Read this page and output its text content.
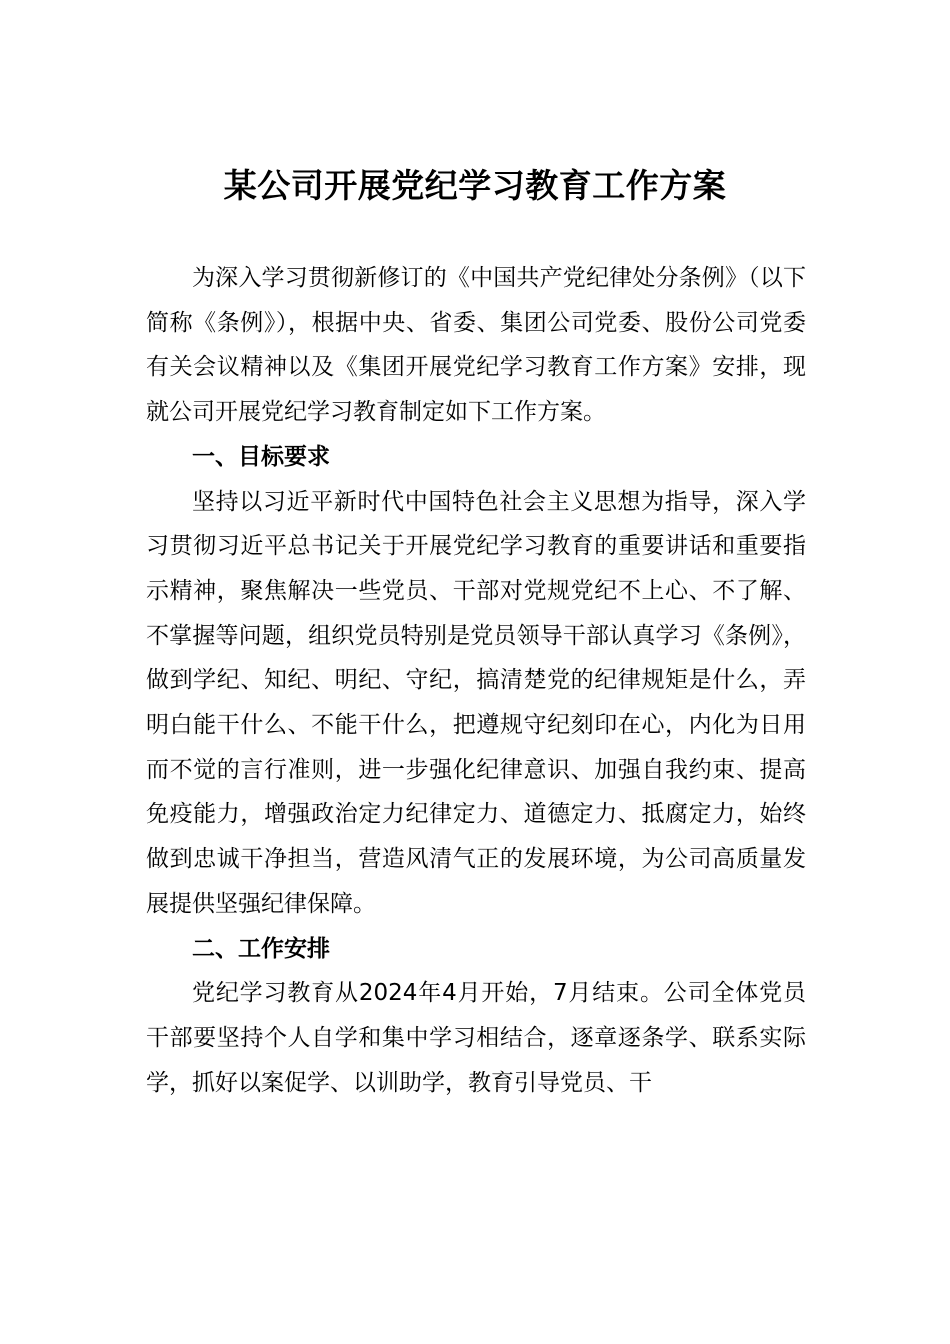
某公司开展党纪学习教育工作方案

为深入学习贯彻新修订的《中国共产党纪律处分条例》（以下简称《条例》），根据中央、省委、集团公司党委、股份公司党委有关会议精神以及《集团开展党纪学习教育工作方案》安排，现就公司开展党纪学习教育制定如下工作方案。

一、目标要求

坚持以习近平新时代中国特色社会主义思想为指导，深入学习贯彻习近平总书记关于开展党纪学习教育的重要讲话和重要指示精神，聚焦解决一些党员、干部对党规党纪不上心、不了解、不掌握等问题，组织党员特别是党员领导干部认真学习《条例》，做到学纪、知纪、明纪、守纪，搞清楚党的纪律规矩是什么，弄明白能干什么、不能干什么，把遵规守纪刻印在心，内化为日用而不觉的言行准则，进一步强化纪律意识、加强自我约束、提高免疫能力，增强政治定力纪律定力、道德定力、抵腐定力，始终做到忠诚干净担当，营造风清气正的发展环境，为公司高质量发展提供坚强纪律保障。

二、工作安排

党纪学习教育从2024年4月开始，7月结束。公司全体党员干部要坚持个人自学和集中学习相结合，逐章逐条学、联系实际学，抓好以案促学、以训助学，教育引导党员、干
